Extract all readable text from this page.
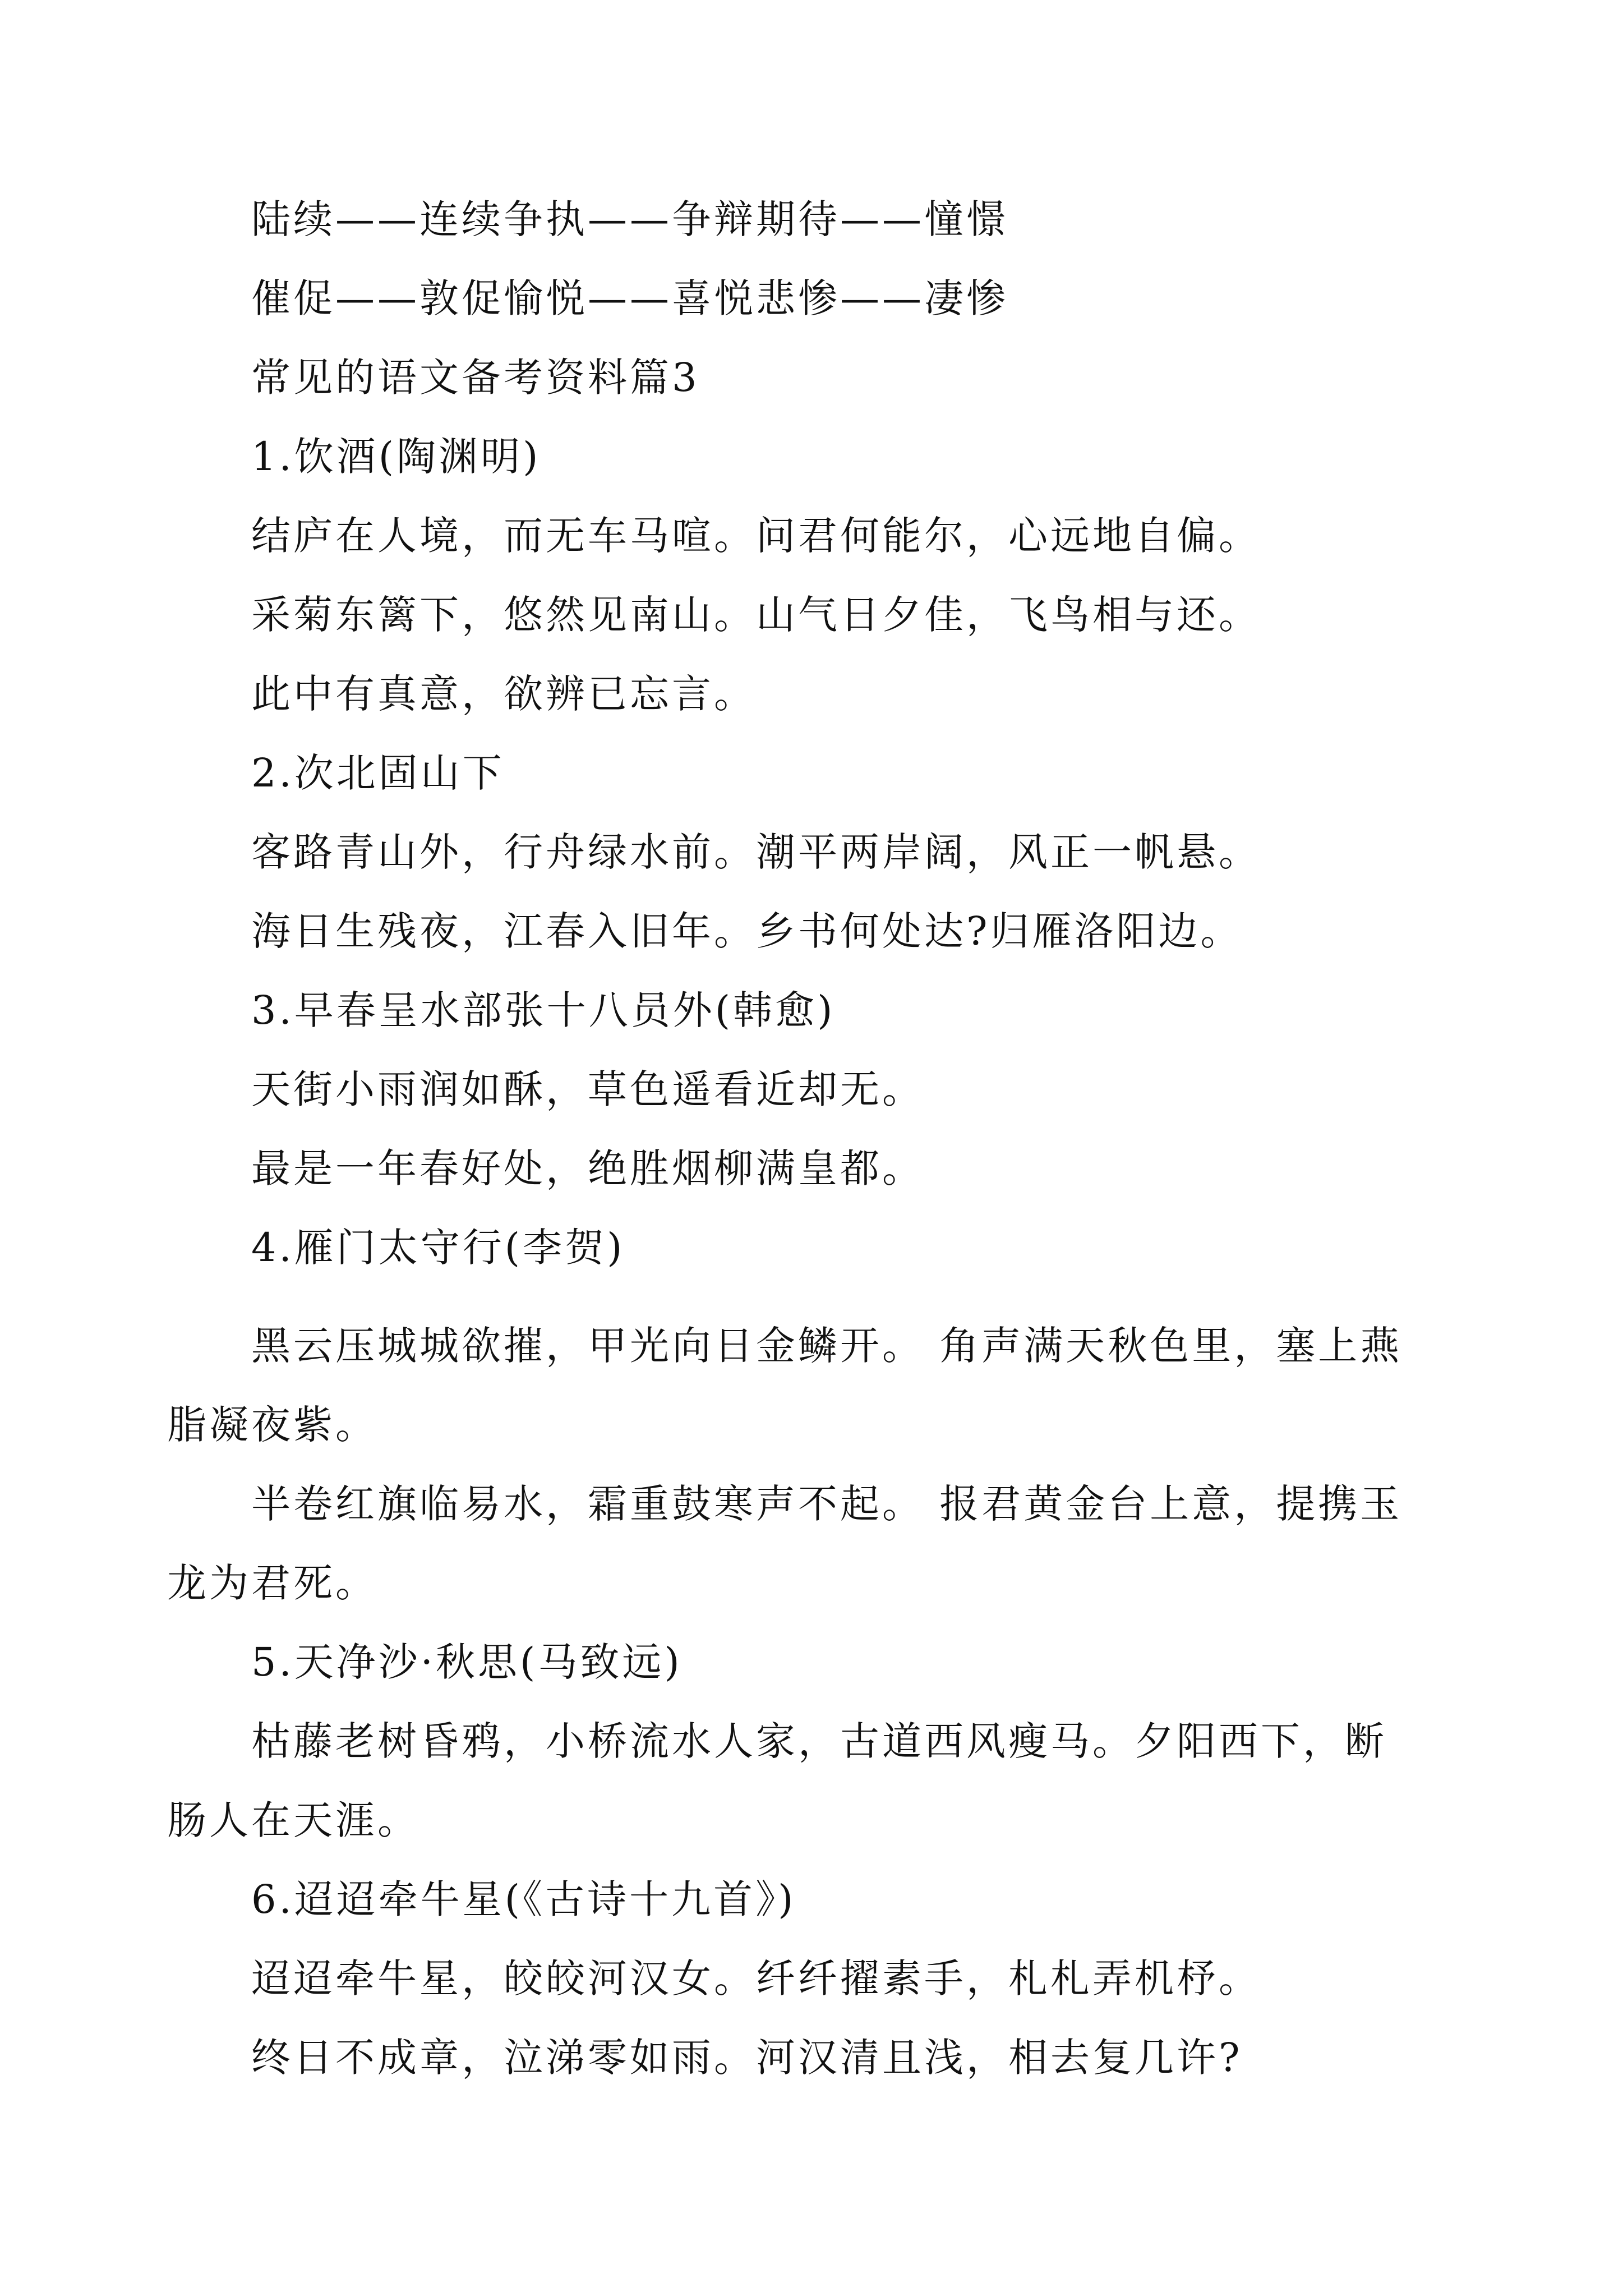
陆续——连续争执——争辩期待——憧憬
催促——敦促愉悦——喜悦悲惨——凄惨
常见的语文备考资料篇3
1.饮酒(陶渊明)
结庐在人境，而无车马喧。问君何能尔，心远地自偏。
采菊东篱下，悠然见南山。山气日夕佳，飞鸟相与还。
此中有真意，欲辨已忘言。
2.次北固山下
客路青山外，行舟绿水前。潮平两岸阔，风正一帆悬。
海日生残夜，江春入旧年。乡书何处达?归雁洛阳边。
3.早春呈水部张十八员外(韩愈)
天街小雨润如酥，草色遥看近却无。
最是一年春好处，绝胜烟柳满皇都。
4.雁门太守行(李贺)
黑云压城城欲摧，甲光向日金鳞开。 角声满天秋色里，塞上燕脂凝夜紫。
半卷红旗临易水，霜重鼓寒声不起。 报君黄金台上意，提携玉龙为君死。
5.天净沙·秋思(马致远)
枯藤老树昏鸦，小桥流水人家，古道西风瘦马。夕阳西下，断肠人在天涯。
6.迢迢牵牛星(《古诗十九首》)
迢迢牵牛星，皎皎河汉女。纤纤擢素手，札札弄机杼。
终日不成章，泣涕零如雨。河汉清且浅，相去复几许?
